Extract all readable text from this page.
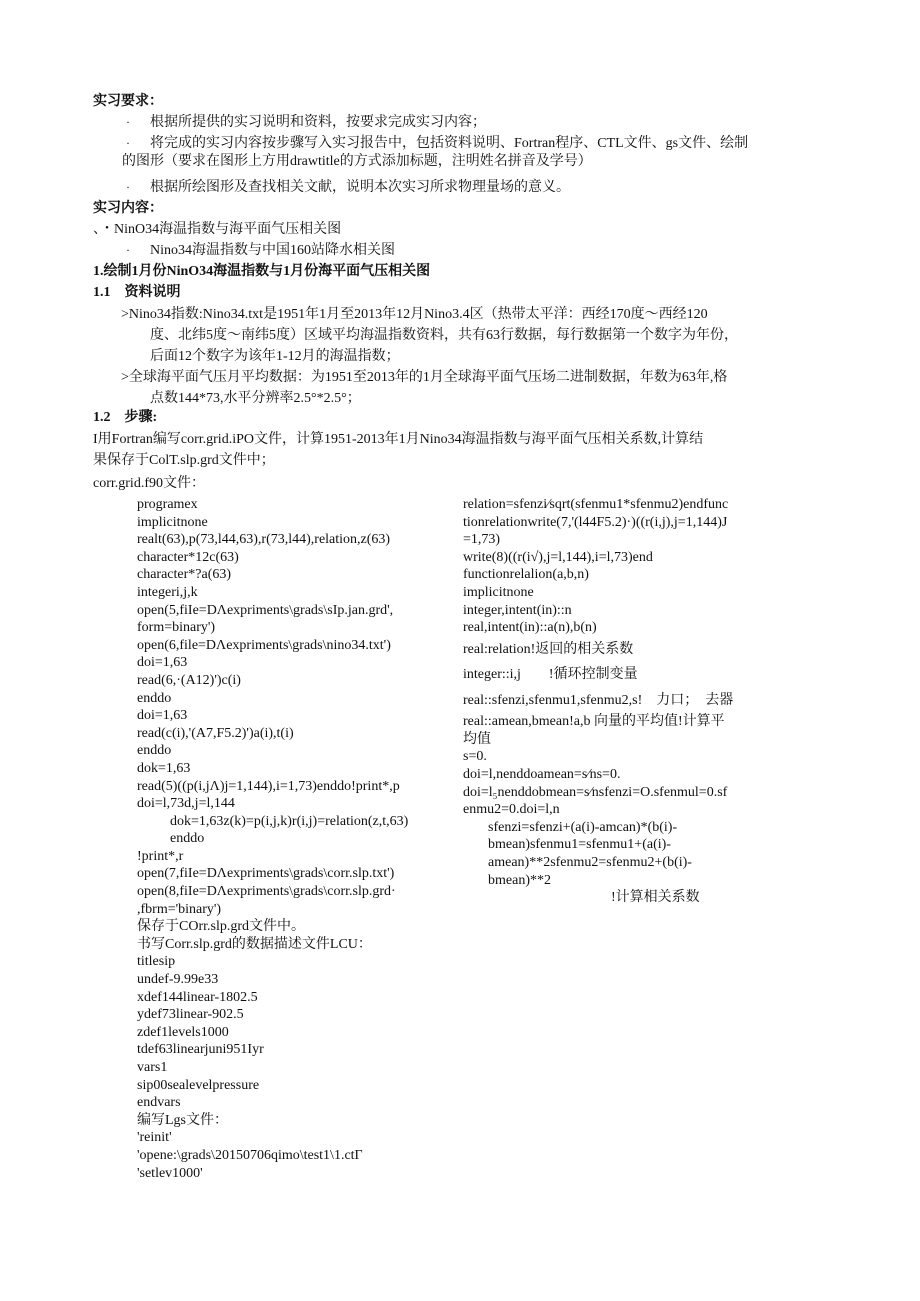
实习要求：
· 根据所提供的实习说明和资料，按要求完成实习内容；
· 将完成的实习内容按步骤写入实习报告中，包括资料说明、Fortran程序、CTL文件、gs文件、绘制
的图形（要求在图形上方用drawtitle的方式添加标题，注明姓名拼音及学号）
· 根据所绘图形及查找相关文献，说明本次实习所求物理量场的意义。
实习内容：
、・NinO34海温指数与海平面气压相关图
· Nino34海温指数与中国160站降水相关图
1.绘制1月份NinO34海温指数与1月份海平面气压相关图
1.1　资料说明
>Nino34指数:Nino34.txt是1951年1月至2013年12月Nino3.4区（热带太平洋：西经170度～西经120
度、北纬5度～南纬5度）区域平均海温指数资料，共有63行数据，每行数据第一个数字为年份，
后面12个数字为该年1-12月的海温指数；
>全球海平面气压月平均数据：为1951至2013年的1月全球海平面气压场二进制数据，年数为63年,格
点数144*73,水平分辨率2.5°*2.5°；
1.2　步骤:
I用Fortran编写corr.grid.iPO文件，计算1951-2013年1月Nino34海温指数与海平面气压相关系数,计算结
果保存于ColT.slp.grd文件中；
corr.grid.f90文件：
programex
implicitnone
realt(63),p(73,l44,63),r(73,l44),relation,z(63)
character*12c(63)
character*?a(63)
integeri,j,k
open(5,fiIe=DΛexpriments\grads\sIp.jan.grd',
form=binary')
open(6,file=DΛexpriments\grads\nino34.txt')
doi=1,63
read(6,·(A12)')c(i)
enddo
doi=1,63
read(c(i),'(A7,F5.2)')a(i),t(i)
enddo
dok=1,63
read(5)((p(i,jΛ)j=1,144),i=1,73)enddo!print*,p
doi=l,73d,j=l,144
dok=1,63z(k)=p(i,j,k)r(i,j)=relation(z,t,63)
enddo
!print*,r
open(7,fiIe=DΛexpriments\grads\corr.slp.txt')
open(8,fiIe=DΛexpriments\grads\corr.slp.grd·
,fbrm='binary')
保存于COrr.slp.grd文件中。
书写Corr.slp.grd的数据描述文件LCU：
titlesip
undef-9.99e33
xdef144linear-1802.5
ydef73linear-902.5
zdef1levels1000
tdef63linearjuni951Iyr
vars1
sip00sealevelpressure
endvars
编写Lgs文件：
'reinit'
'opene:\grads\20150706qimo\test1\1.ctΓ
'setlev1000'
relation=sfenzi∕sqrt(sfenmu1*sfenmu2)endfunc
tionrelationwrite(7,'(l44F5.2)·)((r(i,j),j=1,144)J
=1,73)
write(8)((r(i√),j=l,144),i=l,73)end
functionrelalion(a,b,n)
implicitnone
integer,intent(in)::n
real,intent(in)::a(n),b(n)
real:relation!返回的相关系数
integer::i,j　　!循环控制变量
real::sfenzi,sfenmu1,sfenmu2,s!　力口；　去器
real::amean,bmean!a,b 向量的平均值!计算平
均值
s=0.
doi=l,nenddoamean=s∕ns=0.
doi=l₅nenddobmean=s∕nsfenzi=O.sfenmul=0.sf
enmu2=0.doi=l,n
sfenzi=sfenzi+(a(i)-amcan)*(b(i)-
bmean)sfenmu1=sfenmu1+(a(i)-
amean)**2sfenmu2=sfenmu2+(b(i)-
bmean)**2
!计算相关系数
